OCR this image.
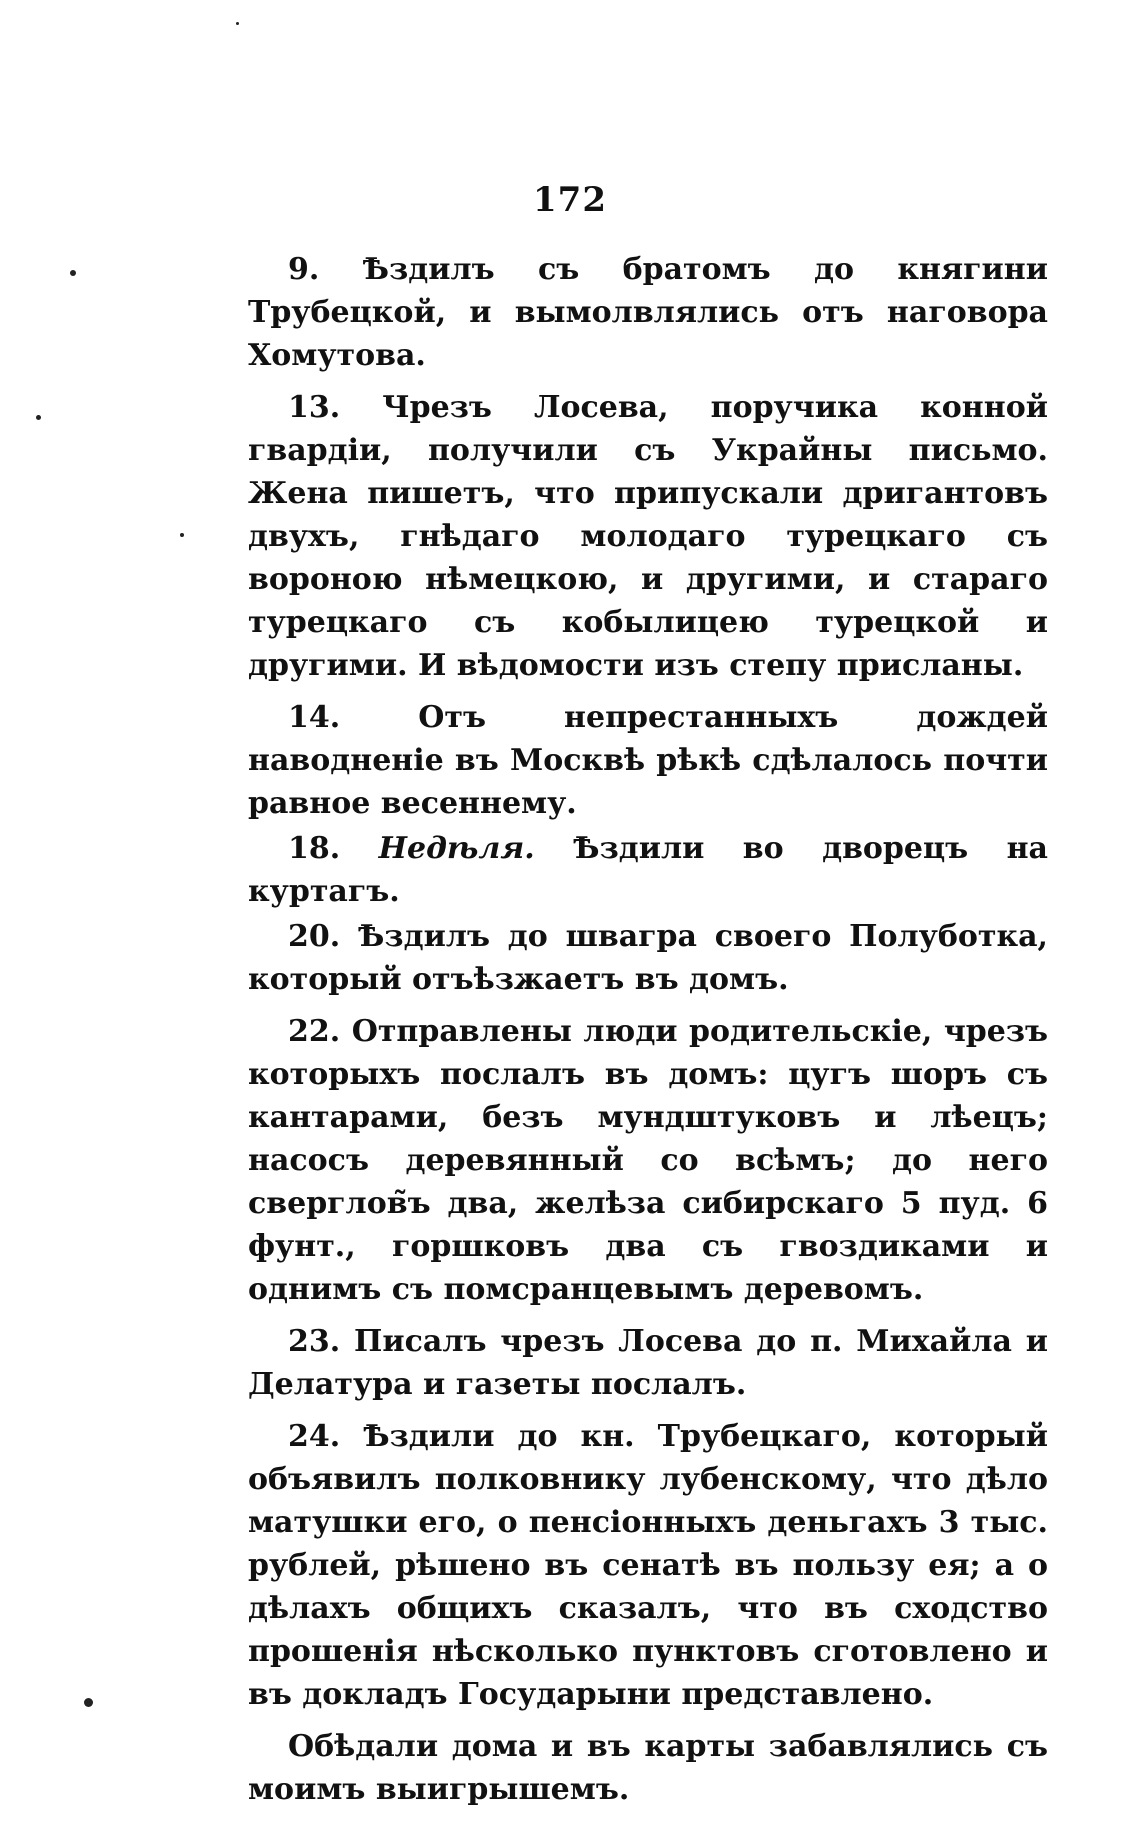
172

9. Ѣздилъ съ братомъ до княгини Трубецкой, и вымолвлялись отъ наговора Хомутова.

13. Чрезъ Лосева, поручика конной гвардіи, получили съ Украйны письмо. Жена пишетъ, что припускали дригантовъ двухъ, гнѣдаго молодаго турецкаго съ вороною нѣмецкою, и другими, и стараго турецкаго съ кобылицею турецкой и другими. И вѣдомости изъ степу присланы.

14.	Отъ непрестанныхъ дождей наводненіе въ Москвѣ рѣкѣ сдѣлалось почти равное весеннему.

18. Недѣля. Ѣздили во дворецъ на куртагъ.

20. Ѣздилъ до швагра своего Полуботка, который отъѣзжаетъ въ домъ.

22. Отправлены люди родительскіе, чрезъ которыхъ послалъ въ домъ: цугъ шоръ съ кантарами, безъ мундштуковъ и лѣецъ; насосъ деревянный со всѣмъ; до него сверглов̃ъ два, желѣза сибирскаго 5 пуд. 6 фунт., горшковъ два съ гвоздиками и однимъ съ помсранцевымъ деревомъ.

23. Писалъ чрезъ Лосева до п. Михайла и Делатура и газеты послалъ.

24. Ѣздили до кн. Трубецкаго, который объявилъ полковнику лубенскому, что дѣло матушки его, о пенсіонныхъ деньгахъ 3 тыс. рублей, рѣшено въ сенатѣ въ пользу ея; а о дѣлахъ общихъ сказалъ, что въ сходство прошенія нѣсколько пунктовъ сготовлено и въ докладъ Государыни представлено.

Обѣдали дома и въ карты забавлялись съ моимъ выигрышемъ.
